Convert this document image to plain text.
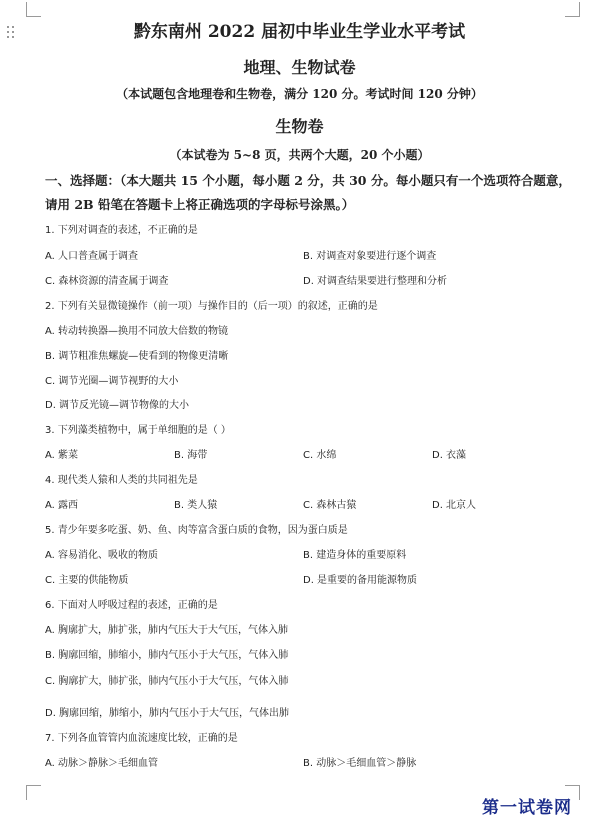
黔东南州 2022 届初中毕业生学业水平考试
地理、生物试卷
（本试题包含地理卷和生物卷，满分 120 分。考试时间 120 分钟）
生物卷
（本试卷为 5~8 页，共两个大题，20 个小题）
一、选择题：（本大题共 15 个小题，每小题 2 分，共 30 分。每小题只有一个选项符合题意，
请用 2B 铅笔在答题卡上将正确选项的字母标号涂黑。）
1. 下列对调查的表述，不正确的是
A. 人口普查属于调查	B. 对调查对象要进行逐个调查
C. 森林资源的清查属于调查	D. 对调查结果要进行整理和分析
2. 下列有关显微镜操作（前一项）与操作目的（后一项）的叙述，正确的是
A. 转动转换器—换用不同放大倍数的物镜
B. 调节粗准焦螺旋—使看到的物像更清晰
C. 调节光圈—调节视野的大小
D. 调节反光镜—调节物像的大小
3. 下列藻类植物中，属于单细胞的是（ ）
A. 紫菜	B. 海带	C. 水绵	D. 衣藻
4. 现代类人猿和人类的共同祖先是
A. 露西	B. 类人猿	C. 森林古猿	D. 北京人
5. 青少年要多吃蛋、奶、鱼、肉等富含蛋白质的食物，因为蛋白质是
A. 容易消化、吸收的物质	B. 建造身体的重要原料
C. 主要的供能物质	D. 是重要的备用能源物质
6. 下面对人呼吸过程的表述，正确的是
A. 胸廓扩大，肺扩张，肺内气压大于大气压，气体入肺
B. 胸廓回缩，肺缩小，肺内气压小于大气压，气体入肺
C. 胸廓扩大，肺扩张，肺内气压小于大气压，气体入肺
D. 胸廓回缩，肺缩小，肺内气压小于大气压，气体出肺
7. 下列各血管管内血流速度比较，正确的是
A. 动脉＞静脉＞毛细血管	B. 动脉＞毛细血管＞静脉
第一试卷网
